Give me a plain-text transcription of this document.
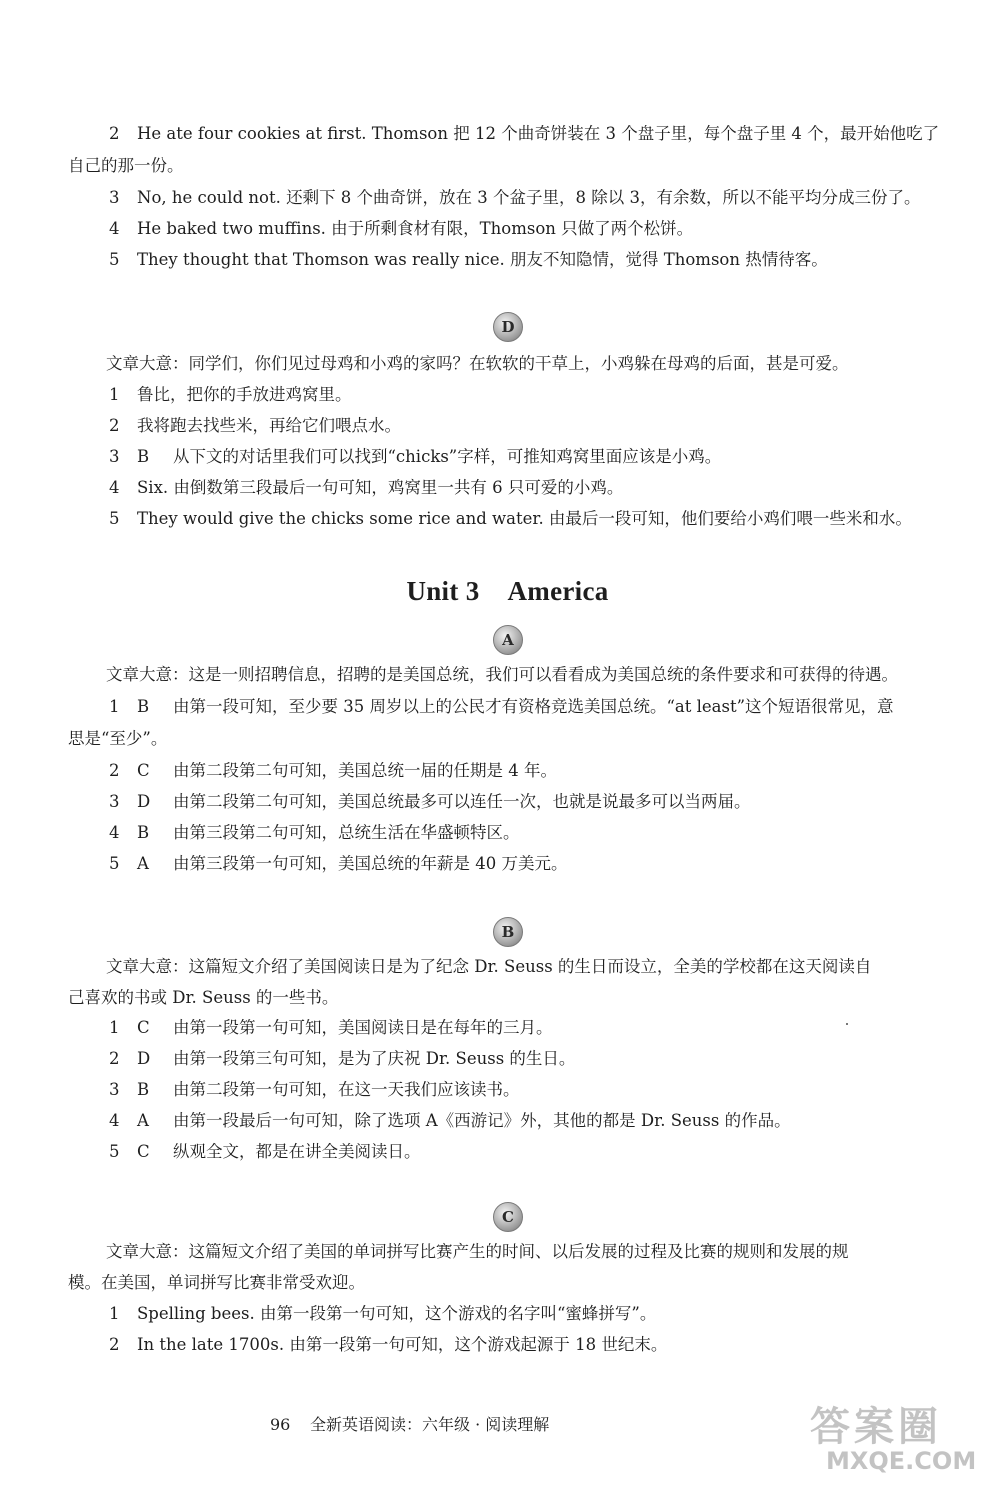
2 He ate four cookies at first. Thomson 把 12 个曲奇饼装在 3 个盘子里，每个盘子里 4 个，最开始他吃了
自己的那一份。
3 No, he could not. 还剩下 8 个曲奇饼，放在 3 个盆子里，8 除以 3，有余数，所以不能平均分成三份了。
4 He baked two muffins. 由于所剩食材有限，Thomson 只做了两个松饼。
5 They thought that Thomson was really nice. 朋友不知隐情，觉得 Thomson 热情待客。
D
文章大意：同学们，你们见过母鸡和小鸡的家吗？在软软的干草上，小鸡躲在母鸡的后面，甚是可爱。
1 鲁比，把你的手放进鸡窝里。
2 我将跑去找些米，再给它们喂点水。
3 B 从下文的对话里我们可以找到“chicks”字样，可推知鸡窝里面应该是小鸡。
4 Six. 由倒数第三段最后一句可知，鸡窝里一共有 6 只可爱的小鸡。
5 They would give the chicks some rice and water. 由最后一段可知，他们要给小鸡们喂一些米和水。
Unit 3 America
A
文章大意：这是一则招聘信息，招聘的是美国总统，我们可以看看成为美国总统的条件要求和可获得的待遇。
1 B 由第一段可知，至少要 35 周岁以上的公民才有资格竞选美国总统。“at least”这个短语很常见，意
思是“至少”。
2 C 由第二段第二句可知，美国总统一届的任期是 4 年。
3 D 由第二段第二句可知，美国总统最多可以连任一次，也就是说最多可以当两届。
4 B 由第三段第二句可知，总统生活在华盛顿特区。
5 A 由第三段第一句可知，美国总统的年薪是 40 万美元。
B
文章大意：这篇短文介绍了美国阅读日是为了纪念 Dr. Seuss 的生日而设立，全美的学校都在这天阅读自
己喜欢的书或 Dr. Seuss 的一些书。
1 C 由第一段第一句可知，美国阅读日是在每年的三月。
2 D 由第一段第三句可知，是为了庆祝 Dr. Seuss 的生日。
3 B 由第二段第一句可知，在这一天我们应该读书。
4 A 由第一段最后一句可知，除了选项 A《西游记》外，其他的都是 Dr. Seuss 的作品。
5 C 纵观全文，都是在讲全美阅读日。
C
文章大意：这篇短文介绍了美国的单词拼写比赛产生的时间、以后发展的过程及比赛的规则和发展的规
模。在美国，单词拼写比赛非常受欢迎。
1 Spelling bees. 由第一段第一句可知，这个游戏的名字叫“蜜蜂拼写”。
2 In the late 1700s. 由第一段第一句可知，这个游戏起源于 18 世纪末。
96 全新英语阅读：六年级 · 阅读理解	答案圈
MXQE.COM
